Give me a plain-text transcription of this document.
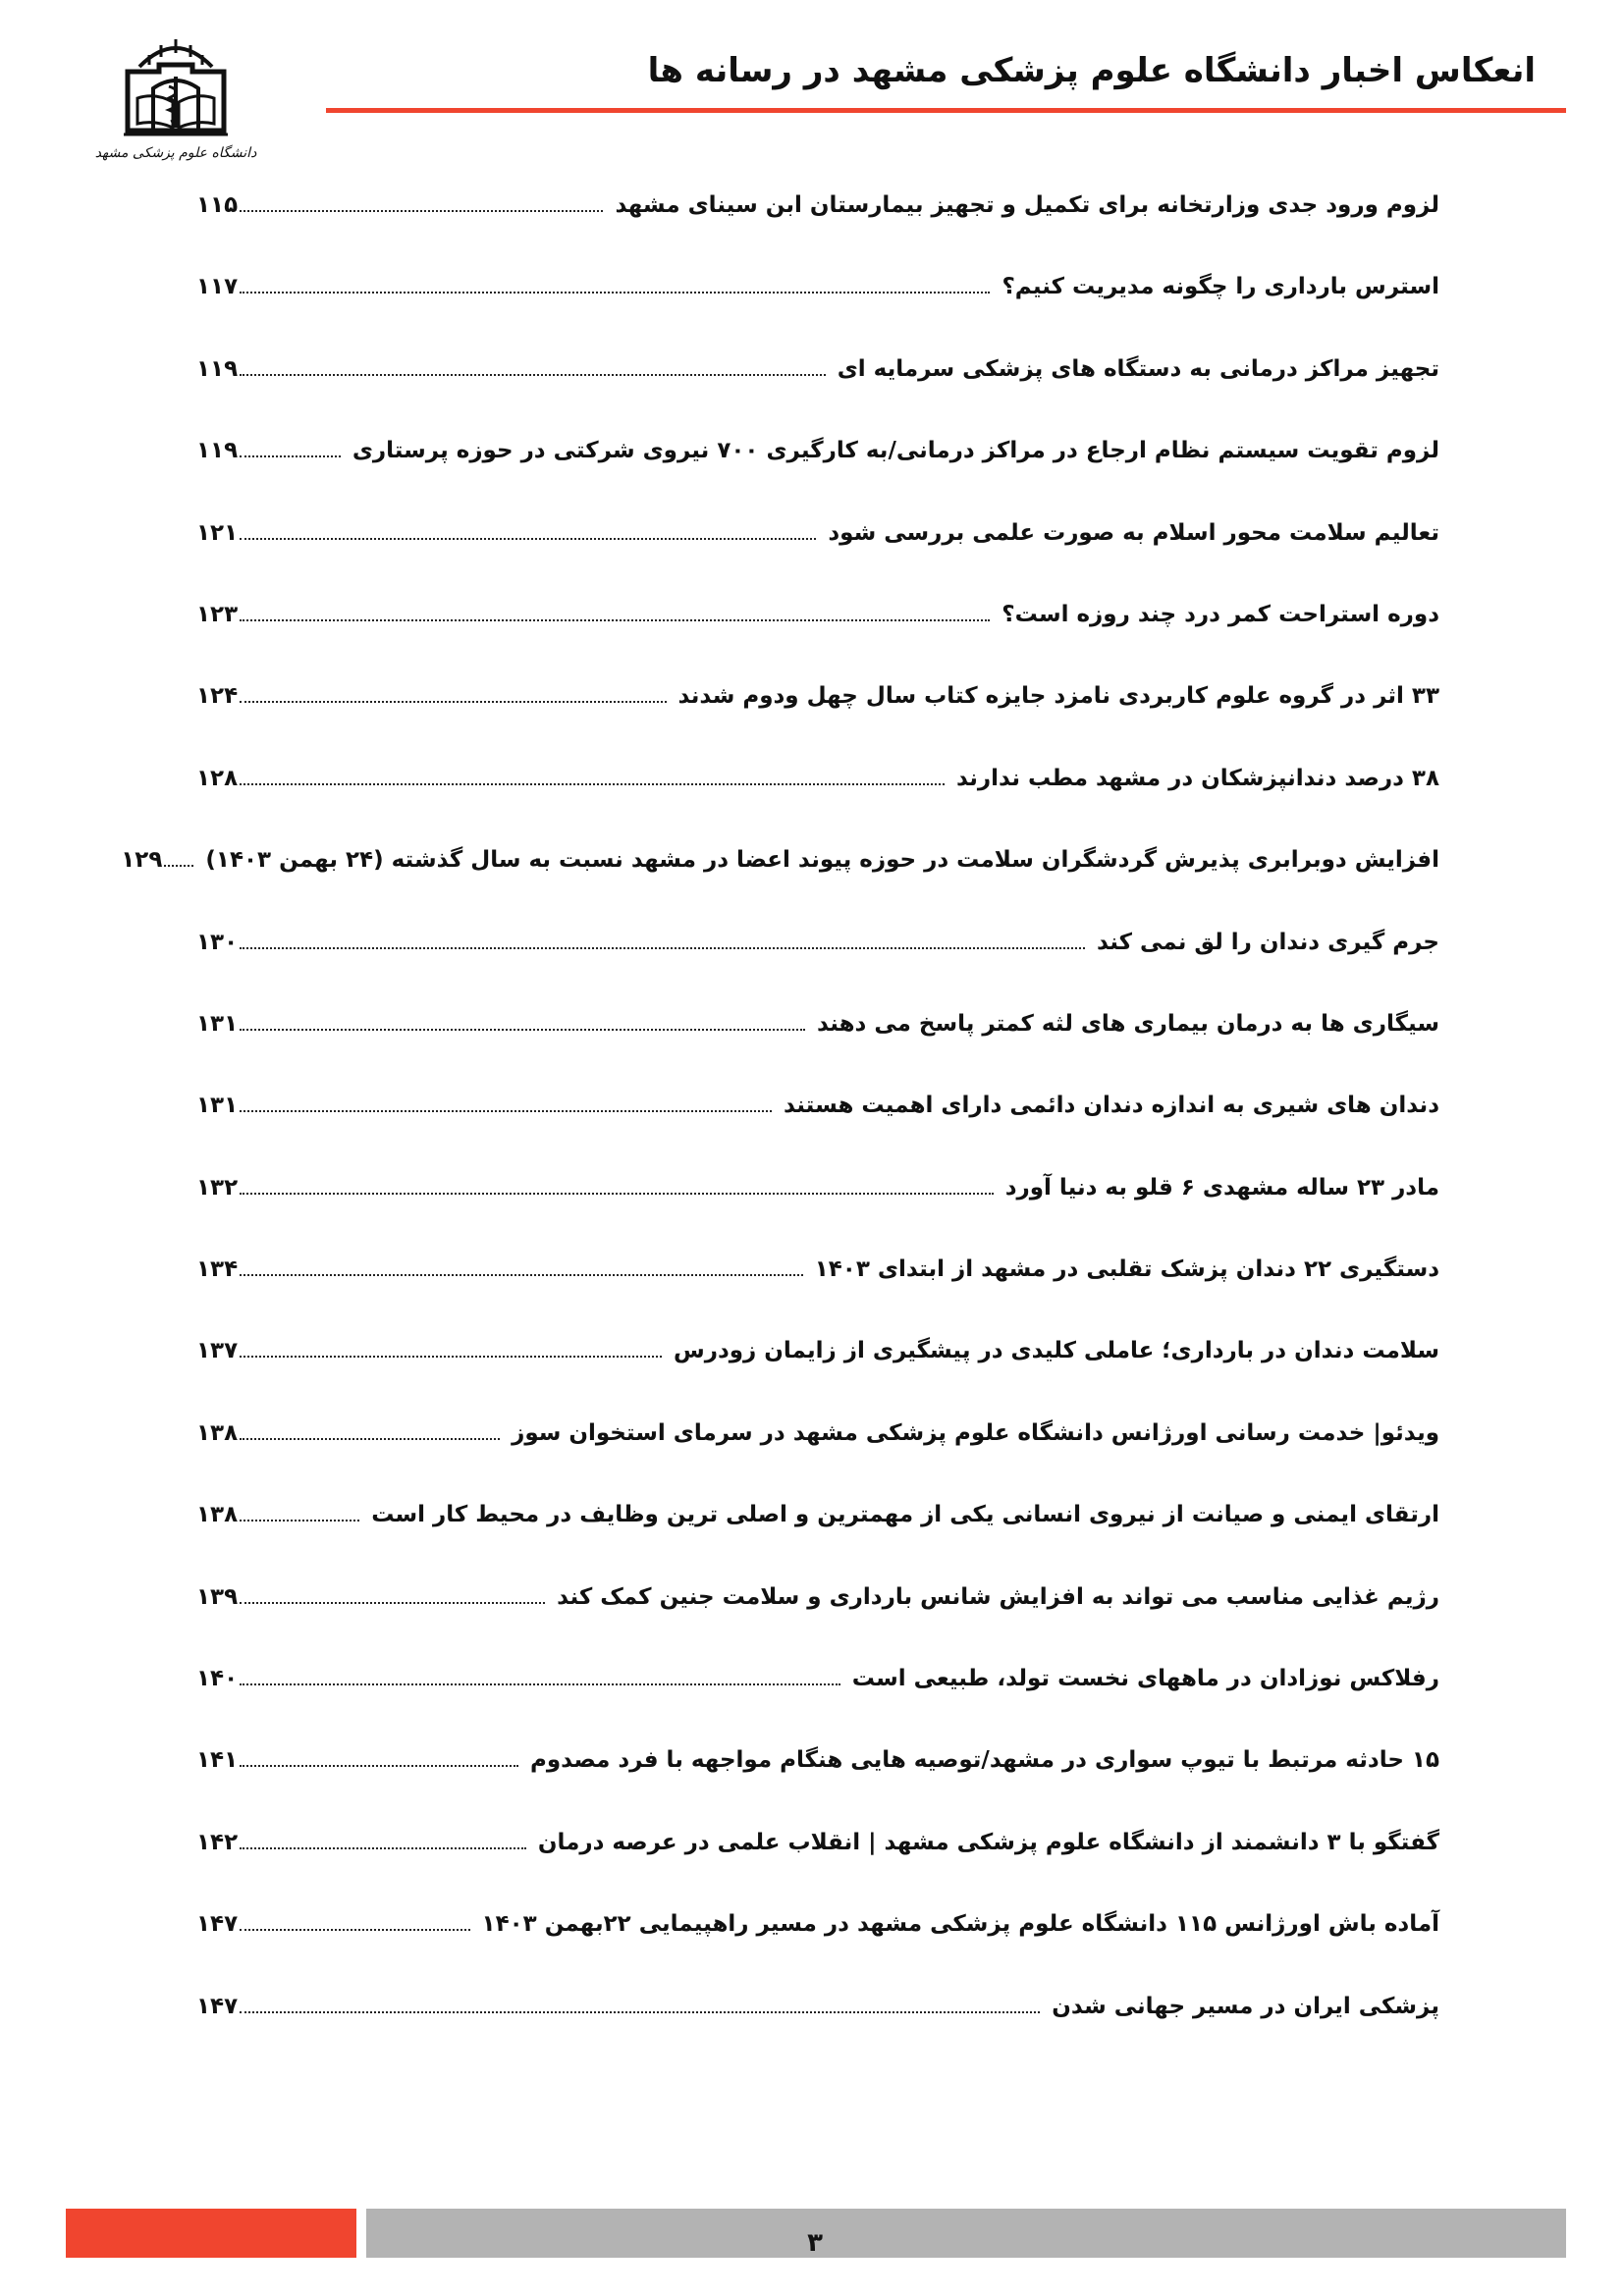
دانشگاه علوم پزشکی مشهد
انعکاس اخبار دانشگاه علوم پزشکی مشهد در رسانه ها
لزوم ورود جدی وزارتخانه برای تکمیل و تجهیز بیمارستان ابن سینای مشهد
۱۱۵
استرس بارداری را چگونه مدیریت کنیم؟
۱۱۷
تجهیز مراکز درمانی به دستگاه های پزشکی سرمایه ای
۱۱۹
لزوم تقویت سیستم نظام ارجاع در مراکز درمانی/به کارگیری ۷۰۰ نیروی شرکتی در حوزه پرستاری
۱۱۹
تعالیم سلامت محور اسلام به صورت علمی بررسی شود
۱۲۱
دوره استراحت کمر درد چند روزه است؟
۱۲۳
۳۳ اثر در گروه علوم کاربردی نامزد جایزه کتاب سال چهل ودوم شدند
۱۲۴
۳۸ درصد دندانپزشکان در مشهد مطب ندارند
۱۲۸
افزایش دوبرابری پذیرش گردشگران سلامت در حوزه پیوند اعضا در مشهد نسبت به سال گذشته (۲۴ بهمن ۱۴۰۳)
۱۲۹
جرم گیری دندان را لق نمی کند
۱۳۰
سیگاری ها به درمان بیماری های لثه کمتر پاسخ می دهند
۱۳۱
دندان های شیری به اندازه دندان دائمی دارای اهمیت هستند
۱۳۱
مادر ۲۳ ساله مشهدی ۶ قلو به دنیا آورد
۱۳۲
دستگیری ۲۲ دندان پزشک تقلبی در مشهد از ابتدای ۱۴۰۳
۱۳۴
سلامت دندان در بارداری؛ عاملی کلیدی در پیشگیری از زایمان زودرس
۱۳۷
ویدئو| خدمت رسانی اورژانس دانشگاه علوم پزشکی مشهد در سرمای استخوان سوز
۱۳۸
ارتقای ایمنی و صیانت از نیروی انسانی یکی از مهمترین و اصلی ترین وظایف در محیط کار است
۱۳۸
رژیم غذایی مناسب می تواند به افزایش شانس بارداری و سلامت جنین کمک کند
۱۳۹
رفلاکس نوزادان در ماههای نخست تولد، طبیعی است
۱۴۰
۱۵ حادثه مرتبط با تیوپ سواری در مشهد/توصیه هایی هنگام مواجهه با فرد مصدوم
۱۴۱
گفتگو با ۳ دانشمند از دانشگاه علوم پزشکی مشهد | انقلاب علمی در عرصه درمان
۱۴۲
آماده باش اورژانس ۱۱۵ دانشگاه علوم پزشکی مشهد در مسیر راهپیمایی ۲۲بهمن ۱۴۰۳
۱۴۷
پزشکی ایران در مسیر جهانی شدن
۱۴۷
۳
